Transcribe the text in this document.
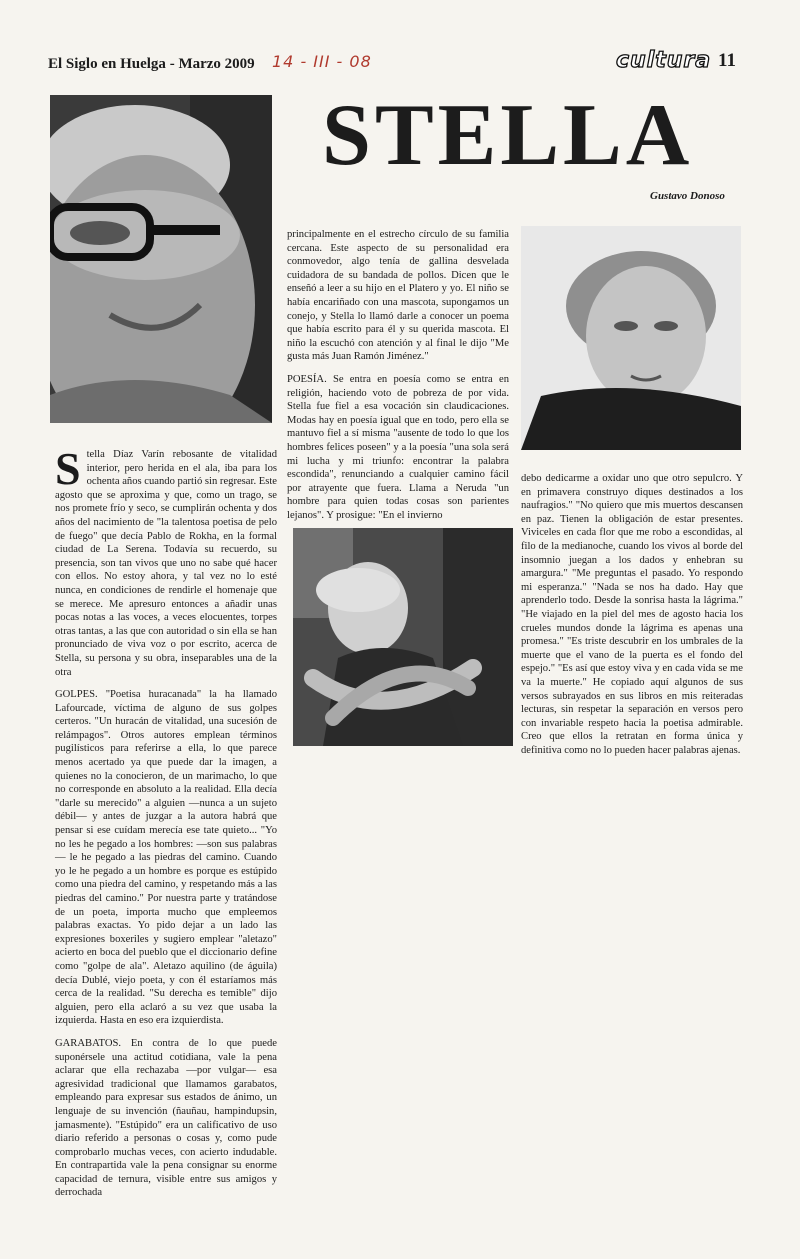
El Siglo en Huelga - Marzo 2009 14 - III - 08	cultura 11
STELLA
Gustavo Donoso

Stella Díaz Varín rebosante de vitalidad interior, pero herida en el ala, iba para los ochenta años cuando partió sin regresar. Este agosto que se aproxima y que, como un trago, se nos promete frío y seco, se cumplirán ochenta y dos años del nacimiento de "la talentosa poetisa de pelo de fuego" que decía Pablo de Rokha, en la formal ciudad de La Serena. Todavía su recuerdo, su presencia, son tan vivos que uno no sabe qué hacer con ellos. No estoy ahora, y tal vez no lo esté nunca, en condiciones de rendirle el homenaje que se merece. Me apresuro entonces a añadir unas pocas notas a las voces, a veces elocuentes, torpes otras tantas, a las que con autoridad o sin ella se han pronunciado de viva voz o por escrito, acerca de Stella, su persona y su obra, inseparables una de la otra

GOLPES. "Poetisa huracanada" la ha llamado Lafourcade, víctima de alguno de sus golpes certeros. "Un huracán de vitalidad, una sucesión de relámpagos". Otros autores emplean términos pugilísticos para referirse a ella, lo que parece menos acertado ya que puede dar la imagen, a quienes no la conocieron, de un marimacho, lo que no corresponde en absoluto a la realidad. Ella decía "darle su merecido" a alguien —nunca a un sujeto débil— y antes de juzgar a la autora habrá que pensar si ese cuídam merecía ese tate quieto... "Yo no les he pegado a los hombres: —son sus palabras— le he pegado a las piedras del camino. Cuando yo le he pegado a un hombre es porque es estúpido como una piedra del camino, y respetando más a las piedras del camino." Por nuestra parte y tratándose de un poeta, importa mucho que empleemos palabras exactas. Yo pido dejar a un lado las expresiones boxeriles y sugiero emplear "aletazo" acierto en boca del pueblo que el diccionario define como "golpe de ala". Aletazo aquilino (de águila) decía Dublé, viejo poeta, y con él estaríamos más cerca de la realidad. "Su derecha es temible" dijo alguien, pero ella aclaró a su vez que usaba la izquierda. Hasta en eso era izquierdista.

GARABATOS. En contra de lo que puede suponérsele una actitud cotidiana, vale la pena aclarar que ella rechazaba —por vulgar— esa agresividad tradicional que llamamos garabatos, empleando para expresar sus estados de ánimo, un lenguaje de su invención (ñauñau, hampindupsin, jamasmente). "Estúpido" era un calificativo de uso diario referido a personas o cosas y, como pude comprobarlo muchas veces, con acierto indudable. En contrapartida vale la pena consignar su enorme capacidad de ternura, visible entre sus amigos y derrochada

principalmente en el estrecho círculo de su familia cercana. Este aspecto de su personalidad era conmovedor, algo tenía de gallina desvelada cuidadora de su bandada de pollos. Dicen que le enseñó a leer a su hijo en el Platero y yo. El niño se había encariñado con una mascota, supongamos un conejo, y Stella lo llamó darle a conocer un poema que había escrito para él y su querida mascota. El niño la escuchó con atención y al final le dijo "Me gusta más Juan Ramón Jiménez."

POESÍA. Se entra en poesía como se entra en religión, haciendo voto de pobreza de por vida. Stella fue fiel a esa vocación sin claudicaciones. Modas hay en poesía igual que en todo, pero ella se mantuvo fiel a sí misma "ausente de todo lo que los hombres felices poseen" y a la poesía "una sola será mi lucha y mi triunfo: encontrar la palabra escondida", renunciando a cualquier camino fácil por atrayente que fuera. Llama a Neruda "un hombre para quien todas cosas son parientes lejanos". Y prosigue: "En el invierno

debo dedicarme a oxidar uno que otro sepulcro. Y en primavera construyo diques destinados a los naufragios." "No quiero que mis muertos descansen en paz. Tienen la obligación de estar presentes. Viviceles en cada flor que me robo a escondidas, al filo de la medianoche, cuando los vivos al borde del insomnio juegan a los dados y enhebran su amargura." "Me preguntas el pasado. Yo respondo mi esperanza." "Nada se nos ha dado. Hay que aprenderlo todo. Desde la sonrisa hasta la lágrima." "He viajado en la piel del mes de agosto hacia los crueles mundos donde la lágrima es apenas una promesa." "Es triste descubrir en los umbrales de la muerte que el vano de la puerta es el fondo del espejo." "Es así que estoy viva y en cada vida se me va la muerte." He copiado aquí algunos de sus versos subrayados en sus libros en mis reiteradas lecturas, sin respetar la separación en versos pero con invariable respeto hacia la poetisa admirable. Creo que ellos la retratan en forma única y definitiva como no lo pueden hacer palabras ajenas.
